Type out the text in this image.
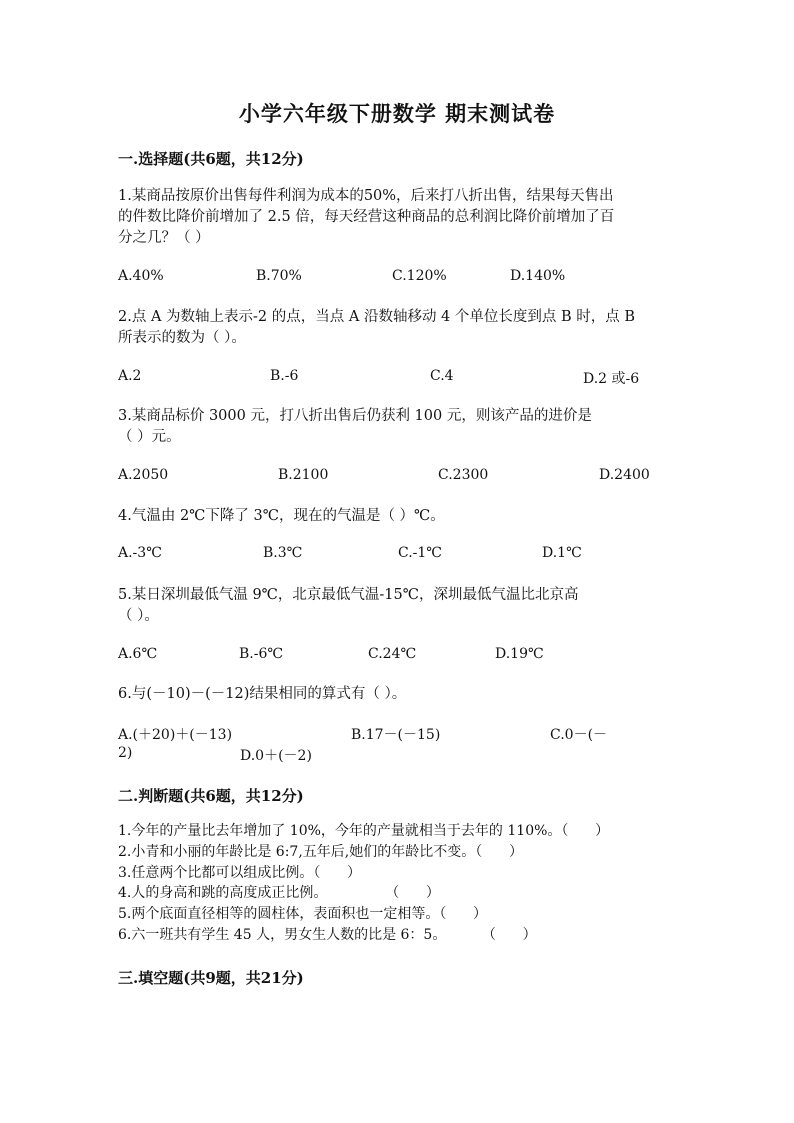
小学六年级下册数学 期末测试卷
一.选择题(共6题，共12分)
1.某商品按原价出售每件利润为成本的50%，后来打八折出售，结果每天售出
的件数比降价前增加了 2.5 倍，每天经营这种商品的总利润比降价前增加了百
分之几？（ ）
A.40%	B.70%	C.120%	D.140%
2.点 A 为数轴上表示-2 的点，当点 A 沿数轴移动 4 个单位长度到点 B 时，点 B
所表示的数为（ ）。
A.2	B.-6	C.4	D.2 或-6
3.某商品标价 3000 元，打八折出售后仍获利 100 元，则该产品的进价是
（ ）元。
A.2050	B.2100	C.2300	D.2400
4.气温由 2℃下降了 3℃，现在的气温是（ ）℃。
A.-3℃	B.3℃	C.-1℃	D.1℃
5.某日深圳最低气温 9℃，北京最低气温-15℃，深圳最低气温比北京高
（ ）。
A.6℃	B.-6℃	C.24℃	D.19℃
6.与(－10)－(－12)结果相同的算式有（ ）。
A.(＋20)＋(－13)	B.17－(－15)	C.0－(－
2)	D.0＋(－2)
二.判断题(共6题，共12分)
1.今年的产量比去年增加了 10%，今年的产量就相当于去年的 110%。（      ）
2.小青和小丽的年龄比是 6:7,五年后,她们的年龄比不变。（      ）
3.任意两个比都可以组成比例。（      ）
4.人的身高和跳的高度成正比例。             （      ）
5.两个底面直径相等的圆柱体，表面积也一定相等。（      ）
6.六一班共有学生 45 人，男女生人数的比是 6：5。        （      ）
三.填空题(共9题，共21分)
